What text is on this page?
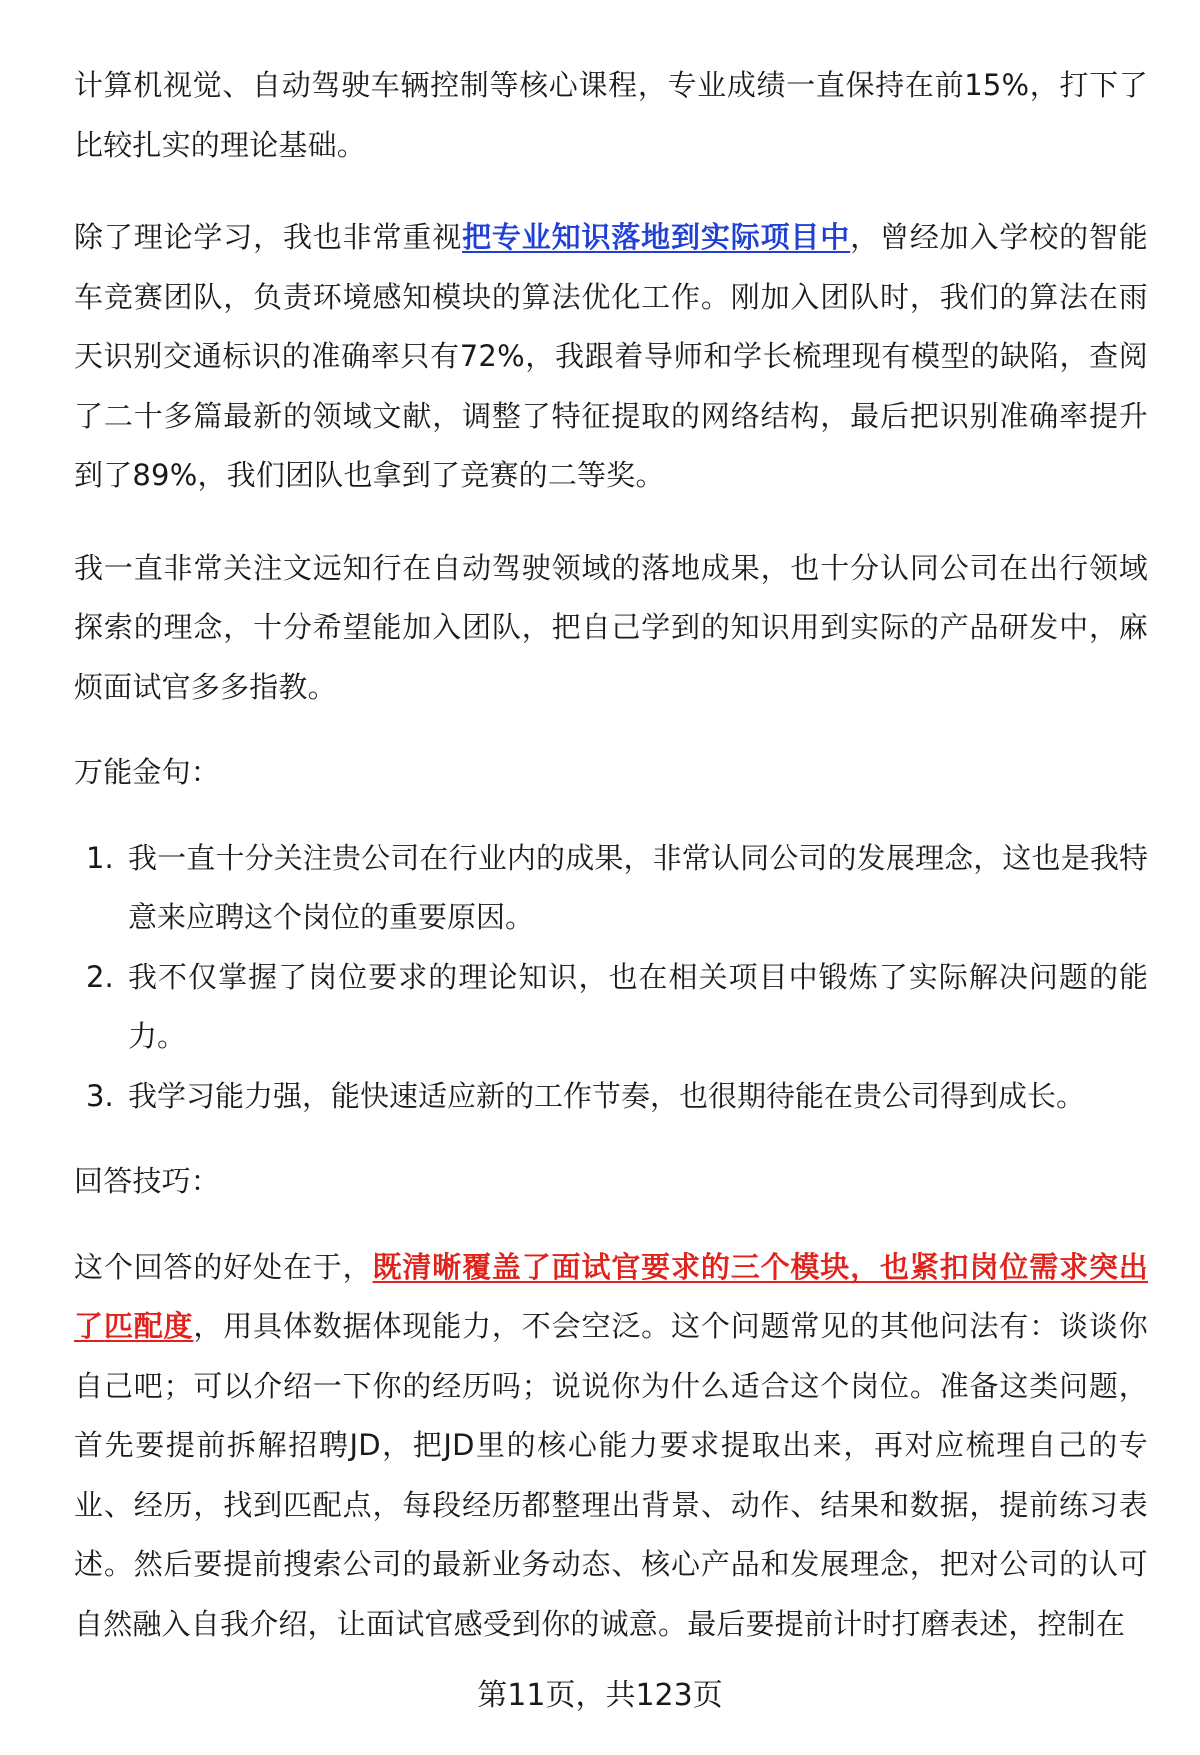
计算机视觉、自动驾驶车辆控制等核心课程，专业成绩一直保持在前15%，打下了比较扎实的理论基础。

除了理论学习，我也非常重视把专业知识落地到实际项目中，曾经加入学校的智能车竞赛团队，负责环境感知模块的算法优化工作。刚加入团队时，我们的算法在雨天识别交通标识的准确率只有72%，我跟着导师和学长梳理现有模型的缺陷，查阅了二十多篇最新的领域文献，调整了特征提取的网络结构，最后把识别准确率提升到了89%，我们团队也拿到了竞赛的二等奖。

我一直非常关注文远知行在自动驾驶领域的落地成果，也十分认同公司在出行领域探索的理念，十分希望能加入团队，把自己学到的知识用到实际的产品研发中，麻烦面试官多多指教。

万能金句：

1. 我一直十分关注贵公司在行业内的成果，非常认同公司的发展理念，这也是我特意来应聘这个岗位的重要原因。
2. 我不仅掌握了岗位要求的理论知识，也在相关项目中锻炼了实际解决问题的能力。
3. 我学习能力强，能快速适应新的工作节奏，也很期待能在贵公司得到成长。

回答技巧：

这个回答的好处在于，既清晰覆盖了面试官要求的三个模块，也紧扣岗位需求突出了匹配度，用具体数据体现能力，不会空泛。这个问题常见的其他问法有：谈谈你自己吧；可以介绍一下你的经历吗；说说你为什么适合这个岗位。准备这类问题，首先要提前拆解招聘JD，把JD里的核心能力要求提取出来，再对应梳理自己的专业、经历，找到匹配点，每段经历都整理出背景、动作、结果和数据，提前练习表述。然后要提前搜索公司的最新业务动态、核心产品和发展理念，把对公司的认可自然融入自我介绍，让面试官感受到你的诚意。最后要提前计时打磨表述，控制在

第11页，共123页
